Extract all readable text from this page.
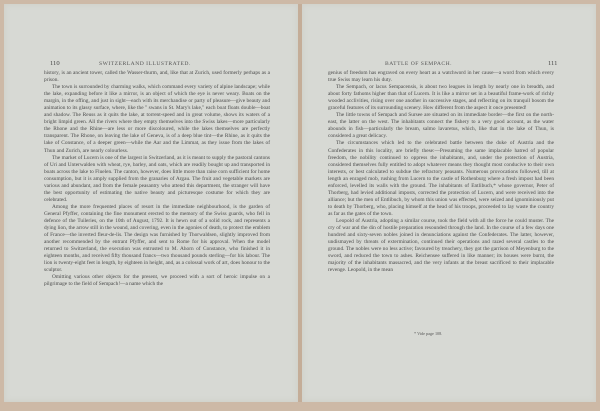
110	SWITZERLAND ILLUSTRATED.

history, is an ancient tower, called the Wasser-thurm, and, like that at Zurich, used formerly perhaps as a prison.

The town is surrounded by charming walks, which command every variety of alpine landscape; while the lake, expanding before it like a mirror, is an object of which the eye is never weary. Boats on the margin, in the offing, and just in sight—each with its merchandise or party of pleasure—give beauty and animation to its glassy surface, where, like the " swans in St. Mary's lake," each boat floats double—boat and shadow. The Reuss as it quits the lake, at torrent-speed and in great volume, shows its waters of a bright limpid green. All the rivers where they empty themselves into the Swiss lakes—more particularly the Rhone and the Rhine—are less or more discoloured, while the lakes themselves are perfectly transparent. The Rhone, on leaving the lake of Geneva, is of a deep blue tint—the Rhine, as it quits the lake of Constance, of a deeper green—while the Aar and the Limmat, as they issue from the lakes of Thun and Zurich, are nearly colourless.

The market of Lucern is one of the largest in Switzerland, as it is meant to supply the pastoral cantons of Uri and Unterwalden with wheat, rye, barley, and oats, which are readily bought up and transported in boats across the lake to Fluelen. The canton, however, does little more than raise corn sufficient for home consumption, but it is amply supplied from the granaries of Argau. The fruit and vegetable markets are various and abundant, and from the female peasantry who attend this department, the stranger will have the best opportunity of estimating the native beauty and picturesque costume for which they are celebrated.

Among the more frequented places of resort in the immediate neighbourhood, is the garden of General Pfyffer, containing the fine monument erected to the memory of the Swiss guards, who fell in defence of the Tuileries, on the 10th of August, 1792. It is hewn out of a solid rock, and represents a dying lion, the arrow still in the wound, and covering, even in the agonies of death, to protect the emblem of France—the inverted fleur-de-lis. The design was furnished by Thorwaldsen, slightly improved from another recommended by the entrant Pfyffer, and sent to Rome for his approval. When the model returned to Switzerland, the execution was entrusted to M. Ahorn of Constance, who finished it in eighteen months, and received fifty thousand francs—two thousand pounds sterling—for his labour. The lion is twenty-eight feet in length, by eighteen in height, and, as a colossal work of art, does honour to the sculptor.

Omitting various other objects for the present, we proceed with a sort of heroic impulse on a pilgrimage to the field of Sempach!—a name which the

BATTLE OF SEMPACH.	111

genius of freedom has engraved on every heart as a watchword in her cause—a word from which every true Swiss may learn his duty.

The Sempach, or lacus Sempacensis, is about two leagues in length by nearly one in breadth, and about forty fathoms higher than that of Lucern. It is like a mirror set in a beautiful frame-work of richly wooded acclivities, rising over one another in successive stages, and reflecting on its tranquil bosom the graceful features of its surrounding scenery. How different from the aspect it once presented!

The little towns of Sempach and Sursee are situated on its immediate border—the first on the north-east, the latter on the west. The inhabitants connect the fishery to a very good account, as the water abounds in fish—particularly the bream, salmo lavaretus, which, like that in the lake of Thun, is considered a great delicacy.

The circumstances which led to the celebrated battle between the duke of Austria and the Confederates in this locality, are briefly these:—Presuming the same implacable hatred of popular freedom, the nobility continued to oppress the inhabitants, and, under the protection of Austria, considered themselves fully entitled to adopt whatever means they thought most conducive to their own interests, or best calculated to subdue the refractory peasants. Numerous provocations followed, till at length an enraged mob, rushing from Lucern to the castle of Rothenburg where a fresh impost had been enforced, levelled its walls with the ground. The inhabitants of Entlibuch,* whose governor, Peter of Thorberg, had levied additional imposts, corrected the protection of Lucern, and were received into the alliance; but the men of Entlibuch, by whom this union was effected, were seized and ignominiously put to death by Thorberg, who, placing himself at the head of his troops, proceeded to lay waste the country as far as the gates of the town.

Leopold of Austria, adopting a similar course, took the field with all the force he could muster. The cry of war and the din of hostile preparation resounded through the land. In the course of a few days one hundred and sixty-seven nobles joined in denunciations against the Confederates. The latter, however, undismayed by threats of extermination, continued their operations and razed several castles to the ground. The nobles were no less active; favoured by treachery, they got the garrison of Meyenburg to the sword, and reduced the town to ashes. Reichensee suffered in like manner; its houses were burnt, the majority of the inhabitants massacred, and the very infants at the breast sacrificed to their implacable revenge. Leopold, in the mean

* Vide page 108.
